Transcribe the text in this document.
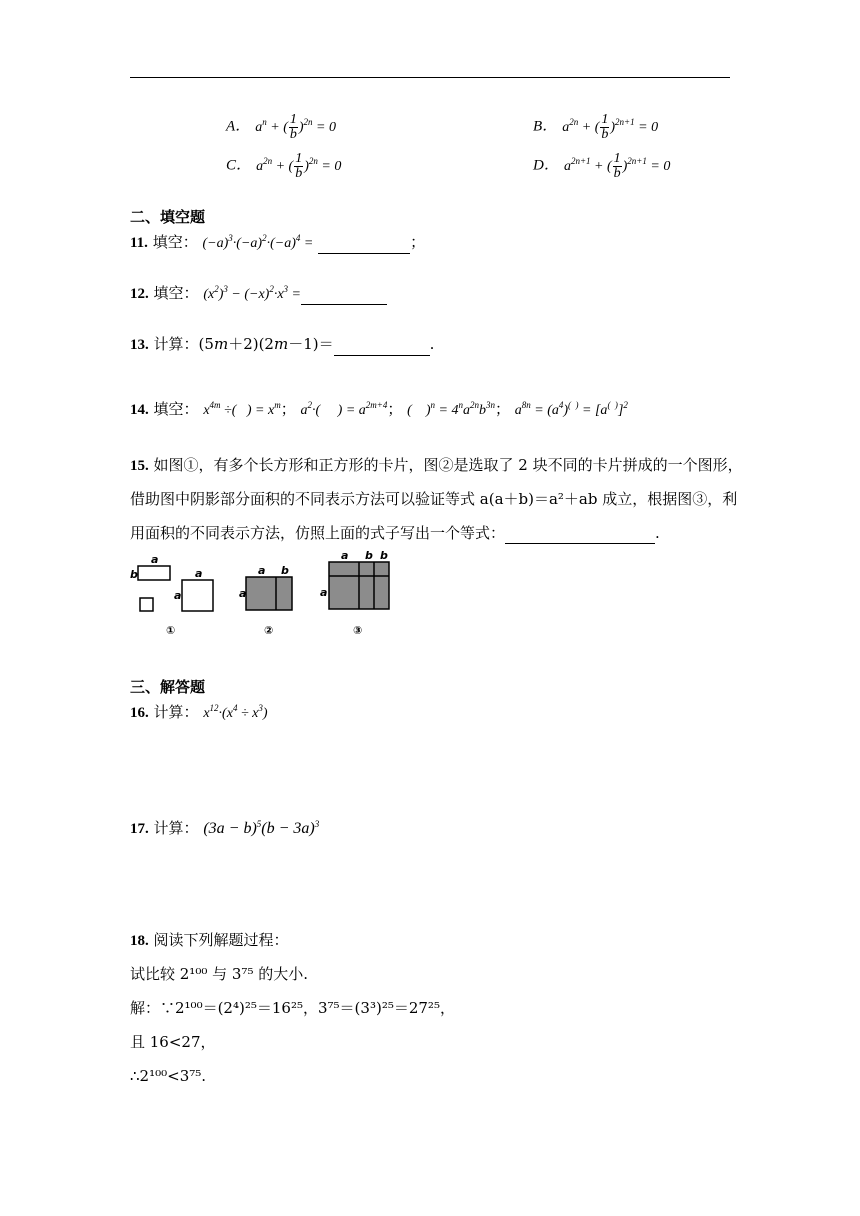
A． $a^n$ + ( $\frac{1}{b} )^{2n} = 0$	B． $a^{2n}$ + ( $\frac{1}{b} )^{2n+1} = 0$
C． $a^{2n}$ + ( $\frac{1}{b} )^{2n} = 0$	D． $a^{2n+1}$ + ( $\frac{1}{b} )^{2n+1} = 0$
二、填空题
11. 填空： $(-a)^3\cdot(-a)^2\cdot(-a)^4$ =	；
12. 填空： $(x^2)^3 - (-x)^2\cdot x^3$ =
13. 计算：(5m＋2)(2m－1)＝	.
14. 填空： $x^{4m}$ ÷(   ) = $x^m$； $a^2\cdot$(     ) = $a^{2m+4}$； (    )$^n = 4^na^{2n}b^{3n}$； $a^{8n} = (a^4)^{( )} = [a^{( )}]^2$
15. 如图①，有多个长方形和正方形的卡片，图②是选取了 2 块不同的卡片拼成的一个图形，
借助图中阴影部分面积的不同表示方法可以验证等式 a(a＋b)＝a²＋ab 成立，根据图③，利
用面积的不同表示方法，仿照上面的式子写出一个等式：	.
a
b	a
a
①
a b
a
②
a b b
a
③
三、解答题
16. 计算： $x^{12}\cdot(x^4 \div x^3)$
17. 计算： $(3a - b)^5(b - 3a)^3$
18. 阅读下列解题过程：
试比较 2¹⁰⁰ 与 3⁷⁵ 的大小.
解：∵2¹⁰⁰＝(2⁴)²⁵＝16²⁵，3⁷⁵＝(3³)²⁵＝27²⁵，
且 16<27，
∴2¹⁰⁰<3⁷⁵.
